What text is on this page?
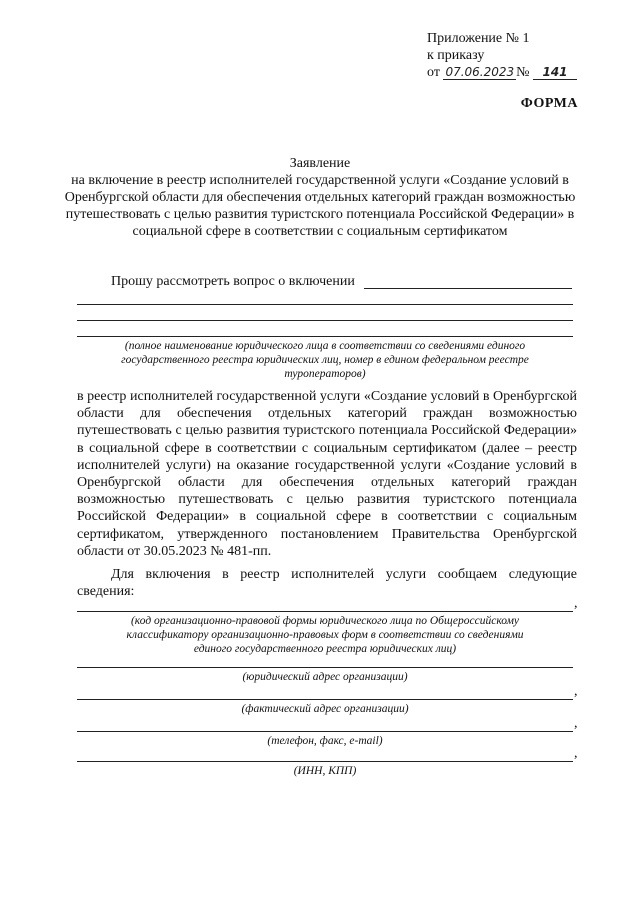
Приложение № 1
к приказу
от 07.06.2023 № 141
ФОРМА
Заявление
на включение в реестр исполнителей государственной услуги «Создание условий в Оренбургской области для обеспечения отдельных категорий граждан возможностью путешествовать с целью развития туристского потенциала Российской Федерации» в социальной сфере в соответствии с социальным сертификатом
Прошу рассмотреть вопрос о включении
(полное наименование юридического лица в соответствии со сведениями единого государственного реестра юридических лиц, номер в едином федеральном реестре туроператоров)
в реестр исполнителей государственной услуги «Создание условий в Оренбургской области для обеспечения отдельных категорий граждан возможностью путешествовать с целью развития туристского потенциала Российской Федерации» в социальной сфере в соответствии с социальным сертификатом (далее – реестр исполнителей услуги) на оказание государственной услуги «Создание условий в Оренбургской области для обеспечения отдельных категорий граждан возможностью путешествовать с целью развития туристского потенциала Российской Федерации» в социальной сфере в соответствии с социальным сертификатом, утвержденного постановлением Правительства Оренбургской области от 30.05.2023 № 481-пп.
Для включения в реестр исполнителей услуги сообщаем следующие
сведения:
,
(код организационно-правовой формы юридического лица по Общероссийскому классификатору организационно-правовых форм в соответствии со сведениями единого государственного реестра юридических лиц)
(юридический адрес организации)
,
(фактический адрес организации)
,
(телефон, факс, e-mail)
,
(ИНН, КПП)
